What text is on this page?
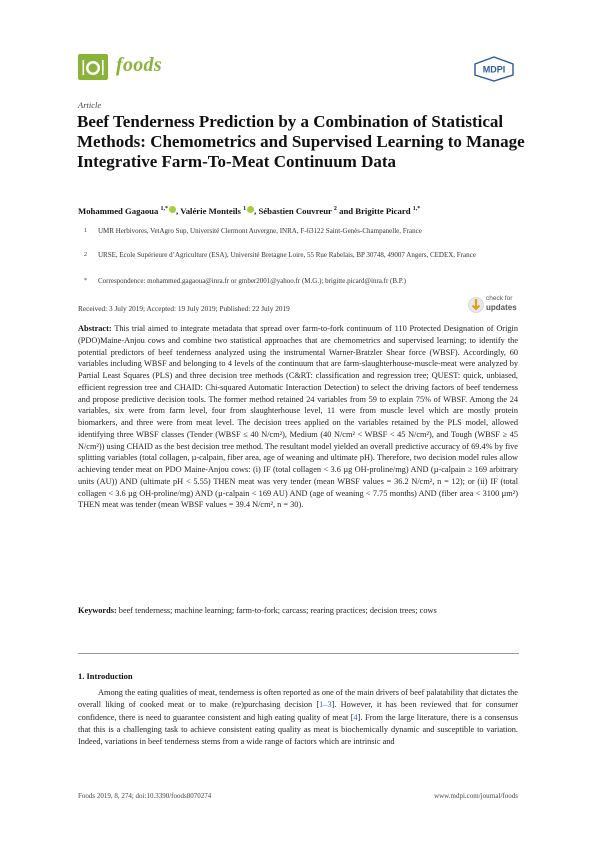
foods	MDPI
Article
Beef Tenderness Prediction by a Combination of Statistical Methods: Chemometrics and Supervised Learning to Manage Integrative Farm-To-Meat Continuum Data
Mohammed Gagaoua $^{1,*}$ , Valérie Monteils $^1$ , Sébastien Couvreur $^2$ and Brigitte Picard $^{1,*}$
1 UMR Herbivores, VetAgro Sup, Université Clermont Auvergne, INRA, F-63122 Saint-Genès-Champanelle, France
2 URSE, Ecole Supérieure d’Agriculture (ESA), Université Bretagne Loire, 55 Rue Rabelais, BP 30748, 49007 Angers, CEDEX, France
* Correspondence: mohammed.gagaoua@inra.fr or gmber2001@yahoo.fr (M.G.); brigitte.picard@inra.fr (B.P.)
Received: 3 July 2019; Accepted: 19 July 2019; Published: 22 July 2019
check for
updates
Abstract: This trial aimed to integrate metadata that spread over farm-to-fork continuum of 110 Protected Designation of Origin (PDO)Maine-Anjou cows and combine two statistical approaches that are chemometrics and supervised learning; to identify the potential predictors of beef tenderness analyzed using the instrumental Warner-Bratzler Shear force (WBSF). Accordingly, 60 variables including WBSF and belonging to 4 levels of the continuum that are farm-slaughterhouse-muscle-meat were analyzed by Partial Least Squares (PLS) and three decision tree methods (C&RT: classification and regression tree; QUEST: quick, unbiased, efficient regression tree and CHAID: Chi-squared Automatic Interaction Detection) to select the driving factors of beef tenderness and propose predictive decision tools. The former method retained 24 variables from 59 to explain 75% of WBSF. Among the 24 variables, six were from farm level, four from slaughterhouse level, 11 were from muscle level which are mostly protein biomarkers, and three were from meat level. The decision trees applied on the variables retained by the PLS model, allowed identifying three WBSF classes (Tender (WBSF ≤ 40 N/cm²), Medium (40 N/cm² < WBSF < 45 N/cm²), and Tough (WBSF ≥ 45 N/cm²)) using CHAID as the best decision tree method. The resultant model yielded an overall predictive accuracy of 69.4% by five splitting variables (total collagen, µ-calpain, fiber area, age of weaning and ultimate pH). Therefore, two decision model rules allow achieving tender meat on PDO Maine-Anjou cows: (i) IF (total collagen < 3.6 µg OH-proline/mg) AND (µ-calpain ≥ 169 arbitrary units (AU)) AND (ultimate pH < 5.55) THEN meat was very tender (mean WBSF values = 36.2 N/cm², n = 12); or (ii) IF (total collagen < 3.6 µg OH-proline/mg) AND (µ-calpain < 169 AU) AND (age of weaning < 7.75 months) AND (fiber area < 3100 µm²) THEN meat was tender (mean WBSF values = 39.4 N/cm², n = 30).
Keywords: beef tenderness; machine learning; farm-to-fork; carcass; rearing practices; decision trees; cows
1. Introduction
Among the eating qualities of meat, tenderness is often reported as one of the main drivers of beef palatability that dictates the overall liking of cooked meat or to make (re)purchasing decision [1–3]. However, it has been reviewed that for consumer confidence, there is need to guarantee consistent and high eating quality of meat [4]. From the large literature, there is a consensus that this is a challenging task to achieve consistent eating quality as meat is biochemically dynamic and susceptible to variation. Indeed, variations in beef tenderness stems from a wide range of factors which are intrinsic and
Foods 2019, 8, 274; doi:10.3390/foods8070274	www.mdpi.com/journal/foods
